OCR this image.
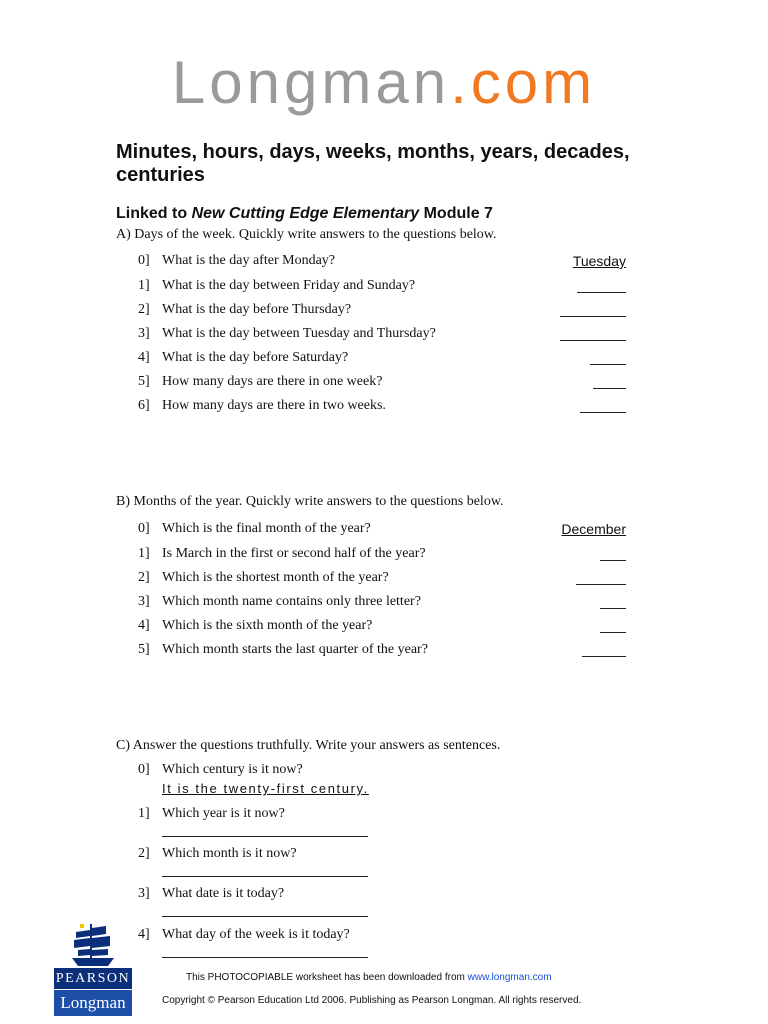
Longman.com
Minutes, hours, days, weeks, months, years, decades, centuries
Linked to New Cutting Edge Elementary Module 7
A) Days of the week. Quickly write answers to the questions below.
0] What is the day after Monday?	Tuesday
1] What is the day between Friday and Sunday?
2] What is the day before Thursday?
3] What is the day between Tuesday and Thursday?
4] What is the day before Saturday?
5] How many days are there in one week?
6] How many days are there in two weeks.
B) Months of the year. Quickly write answers to the questions below.
0] Which is the final month of the year?	December
1] Is March in the first or second half of the year?
2] Which is the shortest month of the year?
3] Which month name contains only three letter?
4] Which is the sixth month of the year?
5] Which month starts the last quarter of the year?
C) Answer the questions truthfully. Write your answers as sentences.
0] Which century is it now?
It is the twenty-first century.
1] Which year is it now?
2] Which month is it now?
3] What date is it today?
4] What day of the week is it today?
PEARSON
Longman
This PHOTOCOPIABLE worksheet has been downloaded from www.longman.com
Copyright © Pearson Education Ltd 2006. Publishing as Pearson Longman. All rights reserved.
